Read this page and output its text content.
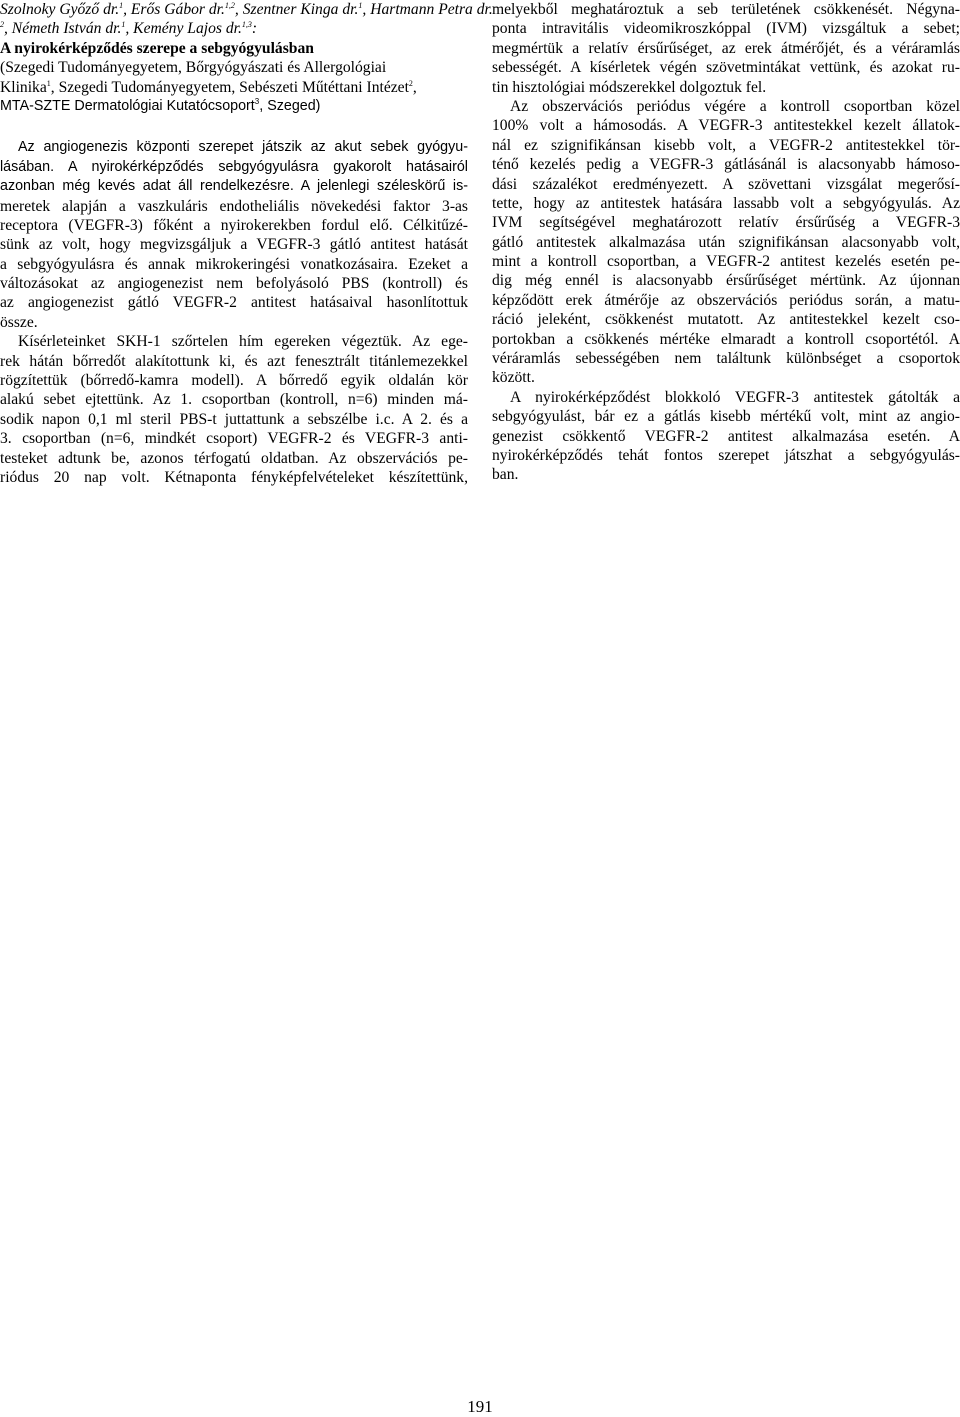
Szolnoky Győző dr.$^1$, Erős Gábor dr.$^{1,2}$, Szentner Kinga dr.$^1$, Hartmann Petra dr.
$^2$, Németh István dr.$^1$, Kemény Lajos dr.$^{1,3}$:
A nyirokérképződés szerepe a sebgyógyulásban
(Szegedi Tudományegyetem, Bőrgyógyászati és Allergológiai
Klinika$^1$, Szegedi Tudományegyetem, Sebészeti Műtéttani Intézet$^2$,
MTA-SZTE Dermatológiai Kutatócsoport$^3$, Szeged)
Az angiogenezis központi szerepet játszik az akut sebek gyógyu-
lásában. A nyirokérképződés sebgyógyulásra gyakorolt hatásairól
azonban még kevés adat áll rendelkezésre. A jelenlegi széleskörű is-
meretek alapján a vaszkuláris endotheliális növekedési faktor 3-as
receptora (VEGFR-3) főként a nyirokerekben fordul elő. Célkitűzé-
sünk az volt, hogy megvizsgáljuk a VEGFR-3 gátló antitest hatását
a sebgyógyulásra és annak mikrokeringési vonatkozásaira. Ezeket a
változásokat az angiogenezist nem befolyásoló PBS (kontroll) és
az angiogenezist gátló VEGFR-2 antitest hatásaival hasonlítottuk
össze.
Kísérleteinket SKH-1 szőrtelen hím egereken végeztük. Az ege-
rek hátán bőrredőt alakítottunk ki, és azt fenesztrált titánlemezekkel
rögzítettük (bőrredő-kamra modell). A bőrredő egyik oldalán kör
alakú sebet ejtettünk. Az 1. csoportban (kontroll, n=6) minden má-
sodik napon 0,1 ml steril PBS-t juttattunk a sebszélbe i.c. A 2. és a
3. csoportban (n=6, mindkét csoport) VEGFR-2 és VEGFR-3 anti-
testeket adtunk be, azonos térfogatú oldatban. Az obszervációs pe-
riódus 20 nap volt. Kétnaponta fényképfelvételeket készítettünk,
melyekből meghatároztuk a seb területének csökkenését. Négyna-
ponta intravitális videomikroszkóppal (IVM) vizsgáltuk a sebet;
megmértük a relatív érsűrűséget, az erek átmérőjét, és a véráramlás
sebességét. A kísérletek végén szövetmintákat vettünk, és azokat ru-
tin hisztológiai módszerekkel dolgoztuk fel.
Az obszervációs periódus végére a kontroll csoportban közel
100% volt a hámosodás. A VEGFR-3 antitestekkel kezelt állatok-
nál ez szignifikánsan kisebb volt, a VEGFR-2 antitestekkel tör-
ténő kezelés pedig a VEGFR-3 gátlásánál is alacsonyabb hámoso-
dási százalékot eredményezett. A szövettani vizsgálat megerősí-
tette, hogy az antitestek hatására lassabb volt a sebgyógyulás. Az
IVM segítségével meghatározott relatív érsűrűség a VEGFR-3
gátló antitestek alkalmazása után szignifikánsan alacsonyabb volt,
mint a kontroll csoportban, a VEGFR-2 antitest kezelés esetén pe-
dig még ennél is alacsonyabb érsűrűséget mértünk. Az újonnan
képződött erek átmérője az obszervációs periódus során, a matu-
ráció jeleként, csökkenést mutatott. Az antitestekkel kezelt cso-
portokban a csökkenés mértéke elmaradt a kontroll csoportétól. A
véráramlás sebességében nem találtunk különbséget a csoportok
között.
A nyirokérképződést blokkoló VEGFR-3 antitestek gátolták a
sebgyógyulást, bár ez a gátlás kisebb mértékű volt, mint az angio-
genezist csökkentő VEGFR-2 antitest alkalmazása esetén. A
nyirokérképződés tehát fontos szerepet játszhat a sebgyógyulás-
ban.
191
